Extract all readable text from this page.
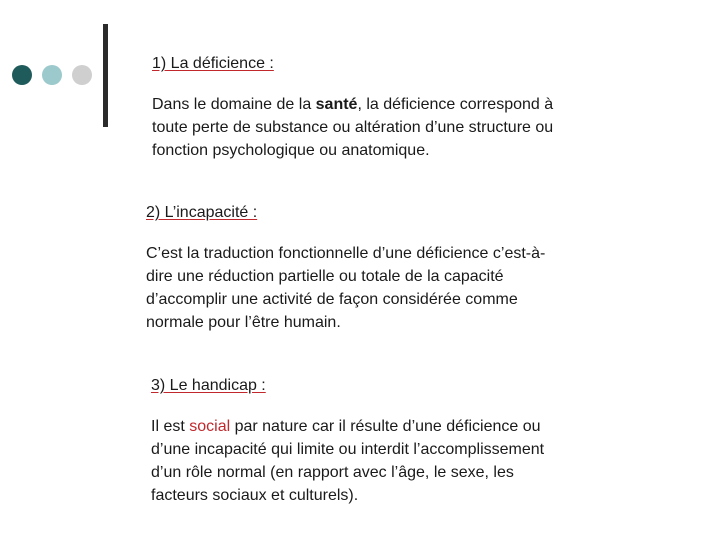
1) La déficience :
Dans le domaine de la santé, la déficience correspond à
toute perte de substance ou altération d’une structure ou
fonction psychologique ou anatomique.
2) L’incapacité :
C’est la traduction fonctionnelle d’une déficience c’est-à-
dire une réduction partielle ou totale de la capacité
d’accomplir une activité de façon considérée comme
normale pour l’être humain.
3) Le handicap :
Il est social par nature car il résulte d’une déficience ou
d’une incapacité qui limite ou interdit l’accomplissement
d’un rôle normal (en rapport avec l’âge, le sexe, les
facteurs sociaux et culturels).
